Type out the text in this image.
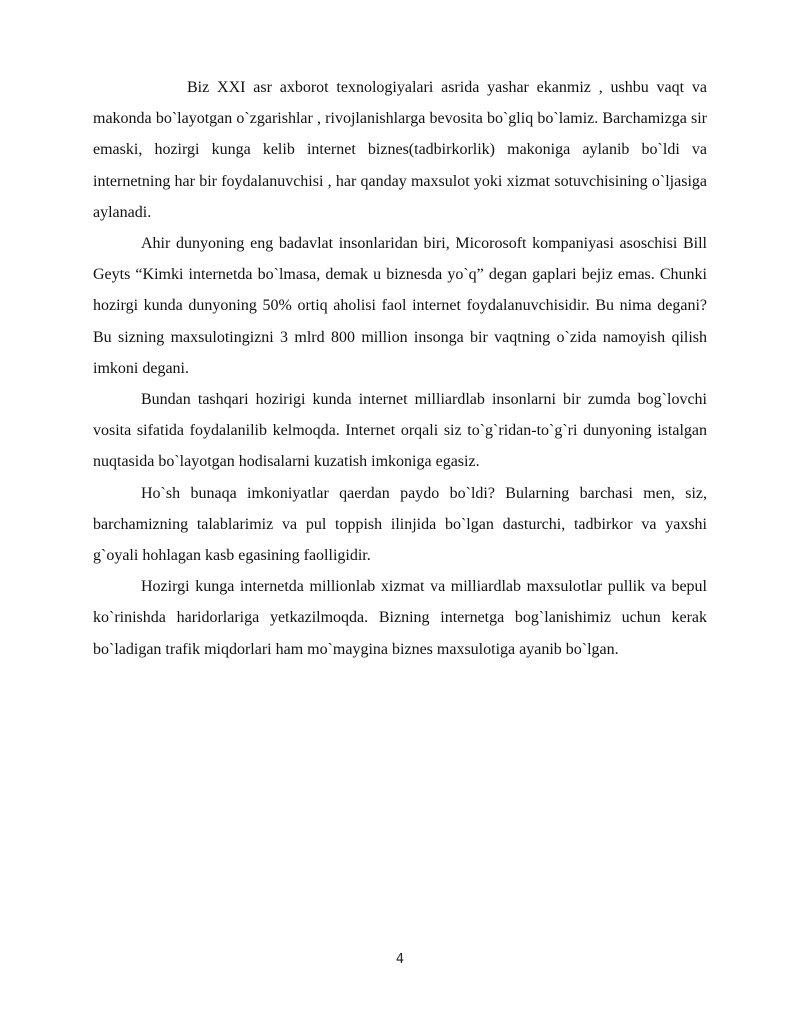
Biz XXI asr axborot texnologiyalari asrida yashar ekanmiz , ushbu vaqt va makonda bo`layotgan o`zgarishlar , rivojlanishlarga bevosita bo`gliq bo`lamiz. Barchamizga sir emaski, hozirgi kunga kelib internet biznes(tadbirkorlik) makoniga aylanib bo`ldi va internetning har bir foydalanuvchisi , har qanday maxsulot yoki xizmat sotuvchisining o`ljasiga aylanadi.

Ahir dunyoning eng badavlat insonlaridan biri, Micorosoft kompaniyasi asoschisi Bill Geyts “Kimki internetda bo`lmasa, demak u biznesda yo`q” degan gaplari bejiz emas. Chunki hozirgi kunda dunyoning 50% ortiq aholisi faol internet foydalanuvchisidir. Bu nima degani? Bu sizning maxsulotingizni 3 mlrd 800 million insonga bir vaqtning o`zida namoyish qilish imkoni degani.

Bundan tashqari hozirigi kunda internet milliardlab insonlarni bir zumda bog`lovchi vosita sifatida foydalanilib kelmoqda. Internet orqali siz to`g`ridan-to`g`ri dunyoning istalgan nuqtasida bo`layotgan hodisalarni kuzatish imkoniga egasiz.

Ho`sh bunaqa imkoniyatlar qaerdan paydo bo`ldi? Bularning barchasi men, siz, barchamizning talablarimiz va pul toppish ilinjida bo`lgan dasturchi, tadbirkor va yaxshi g`oyali hohlagan kasb egasining faolligidir.

Hozirgi kunga internetda millionlab xizmat va milliardlab maxsulotlar pullik va bepul ko`rinishda haridorlariga yetkazilmoqda. Bizning internetga bog`lanishimiz uchun kerak bo`ladigan trafik miqdorlari ham mo`maygina biznes maxsulotiga ayanib bo`lgan.

4
